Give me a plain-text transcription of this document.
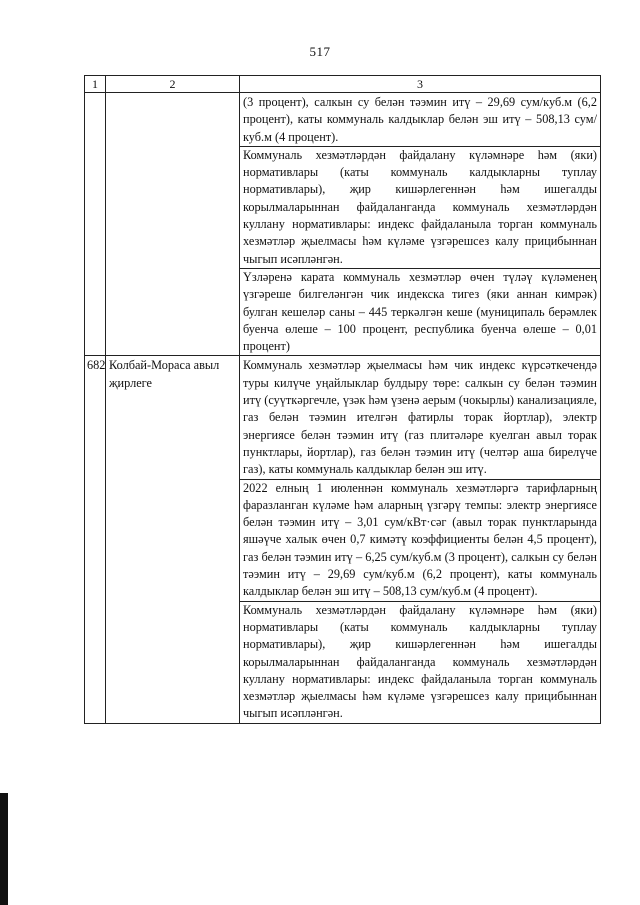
517
1	2	3

		(3 процент), салкын су белән тәэмин итү – 29,69 сум/куб.м (6,2 процент), каты коммуналь калдыклар белән эш итү – 508,13 сум/куб.м (4 процент).

Коммуналь хезмәтләрдән файдалану күләмнәре һәм (яки) нормативлары (каты коммуналь калдыкларны туплау нормативлары), җир кишәрлегеннән һәм ишегалды корылмаларыннан файдаланганда коммуналь хезмәтләрдән куллану нормативлары: индекс файдаланыла торган коммуналь хезмәтләр җыелмасы һәм күләме үзгәрешсез калу прицибыннан чыгып исәпләнгән.

Үзләренә карата коммуналь хезмәтләр өчен түләү күләменең үзгәреше билгеләнгән чик индекска тигез (яки аннан кимрәк) булган кешеләр саны – 445 теркәлгән кеше (муниципаль берәмлек буенча өлеше – 100 процент, республика буенча өлеше – 0,01 процент)

682	Колбай-Мораса авыл җирлеге	Коммуналь хезмәтләр җыелмасы һәм чик индекс күрсәткечендә туры килүче уңайлыклар булдыру төре: салкын су белән тәэмин итү (суүткәргечле, үзәк һәм үзенә аерым (чокырлы) канализацияле, газ белән тәэмин ителгән фатирлы торак йортлар), электр энергиясе белән тәэмин итү (газ плитәләре куелган авыл торак пунктлары, йортлар), газ белән тәэмин итү (челтәр аша бирелүче газ), каты коммуналь калдыклар белән эш итү.

2022 елның 1 июленнән коммуналь хезмәтләргә тарифларның фаразланган күләме һәм аларның үзгәрү темпы: электр энергиясе белән тәэмин итү – 3,01 сум/кВт·сәг (авыл торак пунктларында яшәүче халык өчен 0,7 кимәтү коэффициенты белән 4,5 процент), газ белән тәэмин итү – 6,25 сум/куб.м (3 процент), салкын су белән тәэмин итү – 29,69 сум/куб.м (6,2 процент), каты коммуналь калдыклар белән эш итү – 508,13 сум/куб.м (4 процент).

Коммуналь хезмәтләрдән файдалану күләмнәре һәм (яки) нормативлары (каты коммуналь калдыкларны туплау нормативлары), җир кишәрлегеннән һәм ишегалды корылмаларыннан файдаланганда коммуналь хезмәтләрдән куллану нормативлары: индекс файдаланыла торган коммуналь хезмәтләр җыелмасы һәм күләме үзгәрешсез калу прицибыннан чыгып исәпләнгән.
